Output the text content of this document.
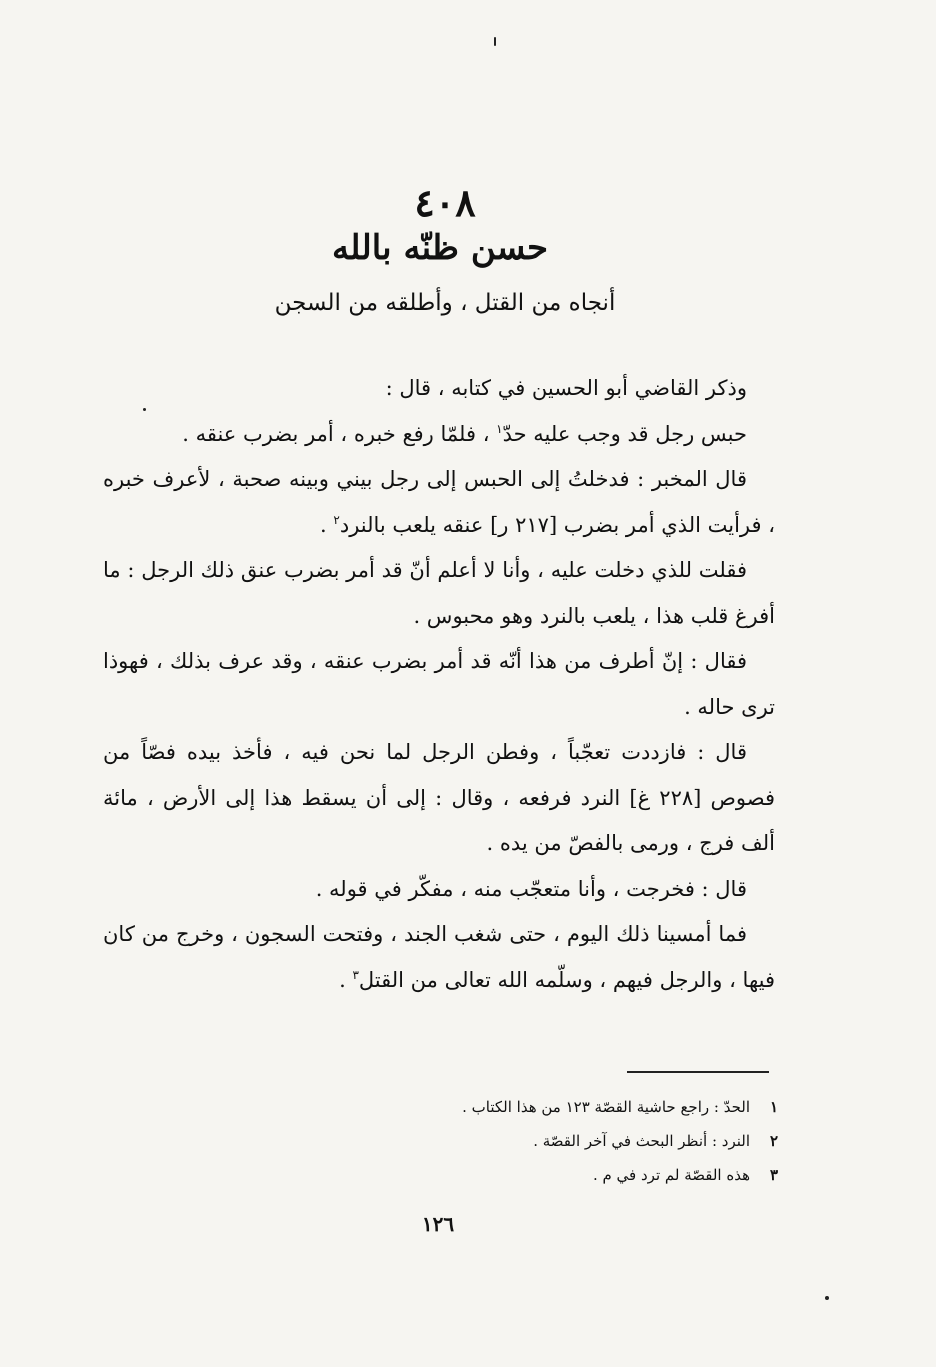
٤٠٨
حسن ظنّه بالله
أنجاه من القتل ، وأطلقه من السجن

وذكر القاضي أبو الحسين في كتابه ، قال :

حبس رجل قد وجب عليه حدّ$^١$ ، فلمّا رفع خبره ، أمر بضرب عنقه .

قال المخبر : فدخلتُ إلى الحبس إلى رجل بيني وبينه صحبة ، لأعرف خبره ، فرأيت الذي أمر بضرب [٢١٧ ر] عنقه يلعب بالنرد$^٢$ .

فقلت للذي دخلت عليه ، وأنا لا أعلم أنّ قد أمر بضرب عنق ذلك الرجل : ما أفرغ قلب هذا ، يلعب بالنرد وهو محبوس .

فقال : إنّ أطرف من هذا أنّه قد أمر بضرب عنقه ، وقد عرف بذلك ، فهوذا ترى حاله .

قال : فازددت تعجّباً ، وفطن الرجل لما نحن فيه ، فأخذ بيده فصّاً من فصوص [٢٢٨ غ] النرد فرفعه ، وقال : إلى أن يسقط هذا إلى الأرض ، مائة ألف فرج ، ورمى بالفصّ من يده .

قال : فخرجت ، وأنا متعجّب منه ، مفكّر في قوله .

فما أمسينا ذلك اليوم ، حتى شغب الجند ، وفتحت السجون ، وخرج من كان فيها ، والرجل فيهم ، وسلّمه الله تعالى من القتل$^٣$ .

١
الحدّ : راجع حاشية القصّة ١٢٣ من هذا الكتاب .
٢
النرد : أنظر البحث في آخر القصّة .
٣
هذه القصّة لم ترد في م .
١٢٦
